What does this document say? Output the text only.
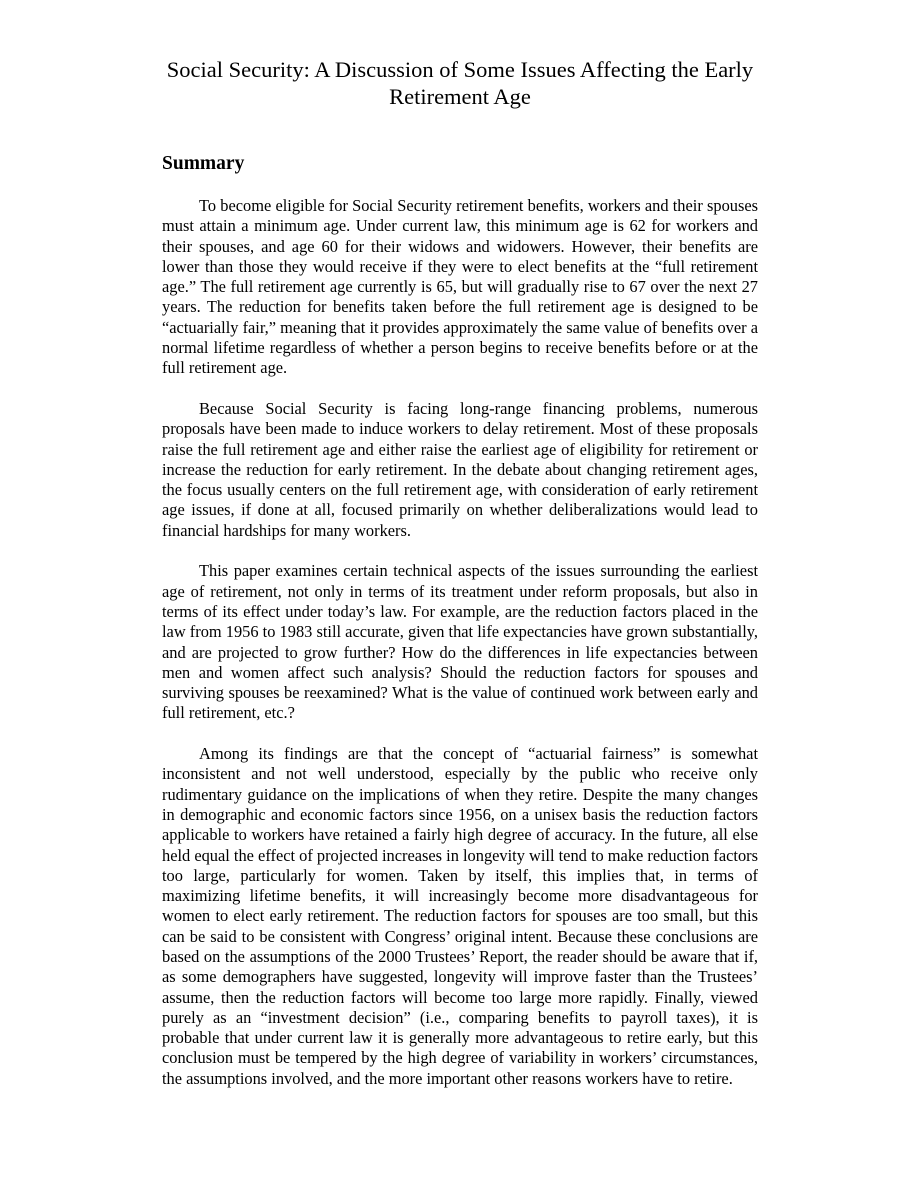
Social Security: A Discussion of Some Issues Affecting the Early Retirement Age
Summary

To become eligible for Social Security retirement benefits, workers and their spouses must attain a minimum age. Under current law, this minimum age is 62 for workers and their spouses, and age 60 for their widows and widowers. However, their benefits are lower than those they would receive if they were to elect benefits at the “full retirement age.” The full retirement age currently is 65, but will gradually rise to 67 over the next 27 years. The reduction for benefits taken before the full retirement age is designed to be “actuarially fair,” meaning that it provides approximately the same value of benefits over a normal lifetime regardless of whether a person begins to receive benefits before or at the full retirement age.

Because Social Security is facing long-range financing problems, numerous proposals have been made to induce workers to delay retirement. Most of these proposals raise the full retirement age and either raise the earliest age of eligibility for retirement or increase the reduction for early retirement. In the debate about changing retirement ages, the focus usually centers on the full retirement age, with consideration of early retirement age issues, if done at all, focused primarily on whether deliberalizations would lead to financial hardships for many workers.

This paper examines certain technical aspects of the issues surrounding the earliest age of retirement, not only in terms of its treatment under reform proposals, but also in terms of its effect under today’s law. For example, are the reduction factors placed in the law from 1956 to 1983 still accurate, given that life expectancies have grown substantially, and are projected to grow further? How do the differences in life expectancies between men and women affect such analysis? Should the reduction factors for spouses and surviving spouses be reexamined? What is the value of continued work between early and full retirement, etc.?

Among its findings are that the concept of “actuarial fairness” is somewhat inconsistent and not well understood, especially by the public who receive only rudimentary guidance on the implications of when they retire. Despite the many changes in demographic and economic factors since 1956, on a unisex basis the reduction factors applicable to workers have retained a fairly high degree of accuracy. In the future, all else held equal the effect of projected increases in longevity will tend to make reduction factors too large, particularly for women. Taken by itself, this implies that, in terms of maximizing lifetime benefits, it will increasingly become more disadvantageous for women to elect early retirement. The reduction factors for spouses are too small, but this can be said to be consistent with Congress’ original intent. Because these conclusions are based on the assumptions of the 2000 Trustees’ Report, the reader should be aware that if, as some demographers have suggested, longevity will improve faster than the Trustees’ assume, then the reduction factors will become too large more rapidly. Finally, viewed purely as an “investment decision” (i.e., comparing benefits to payroll taxes), it is probable that under current law it is generally more advantageous to retire early, but this conclusion must be tempered by the high degree of variability in workers’ circumstances, the assumptions involved, and the more important other reasons workers have to retire.
